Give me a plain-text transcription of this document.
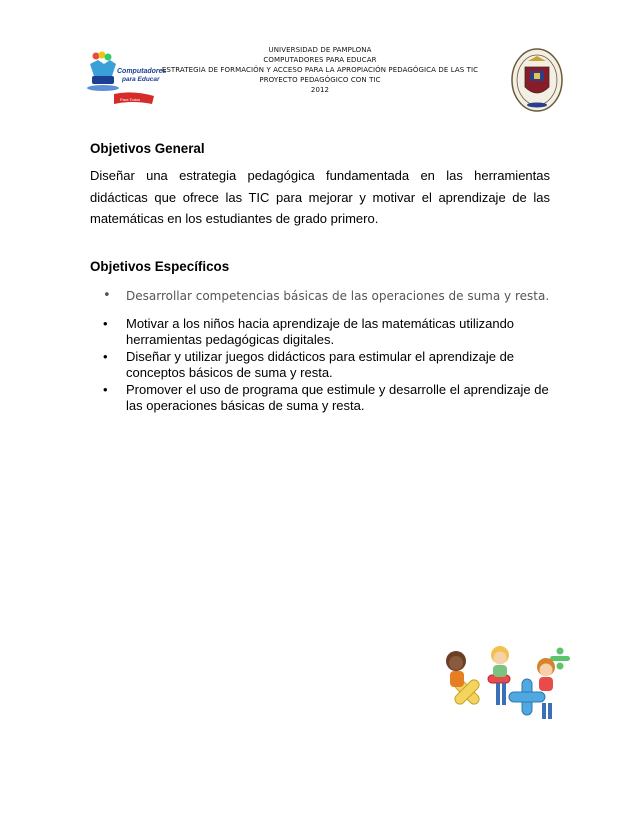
Computadores
para Educar
Para Todos
UNIVERSIDAD DE PAMPLONA
COMPUTADORES PARA EDUCAR
ESTRATEGIA DE FORMACIÓN Y ACCESO PARA LA APROPIACIÓN PEDAGÓGICA DE LAS TIC
PROYECTO PEDAGÓGICO CON TIC
2012
Objetivos General
Diseñar una estrategia pedagógica fundamentada en las herramientas didácticas que ofrece las TIC para mejorar y motivar el aprendizaje de las matemáticas en los estudiantes de grado primero.
Objetivos Específicos
• Desarrollar competencias básicas de las operaciones de suma y resta.
• Motivar a los niños hacia aprendizaje de las matemáticas utilizando herramientas pedagógicas digitales.
• Diseñar y utilizar juegos didácticos para estimular el aprendizaje de conceptos básicos de suma y resta.
• Promover el uso de programa que estimule y desarrolle el aprendizaje de las operaciones básicas de suma y resta.
